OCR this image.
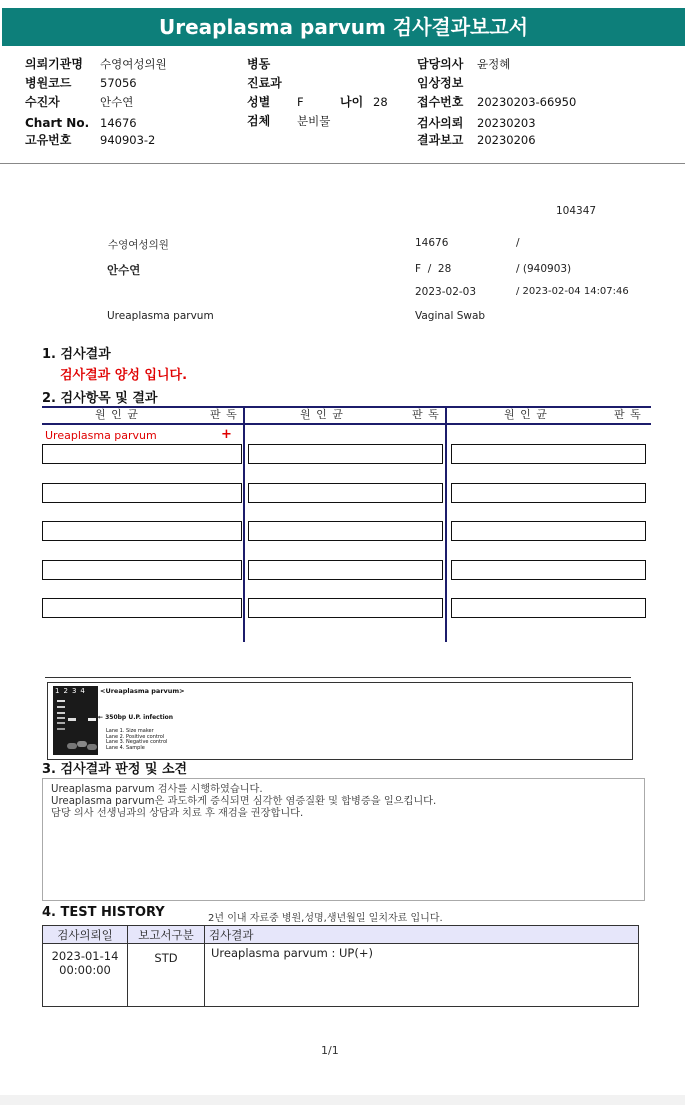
Ureaplasma parvum 검사결과보고서
의뢰기관명 수영여성의원
병원코드 57056
수진자	안수연
Chart No. 14676
고유번호 940903-2
병동
진료과
성별 F	나이 28
검체 분비물
담당의사 윤정혜
임상정보
접수번호 20230203-66950
검사의뢰 20230203
결과보고 20230206
104347
수영여성의원	14676	/
안수연	F  /  28	/ (940903)
2023-02-03	/ 2023-02-04 14:07:46
Ureaplasma parvum	Vaginal Swab
1. 검사결과
검사결과 양성 입니다.
2. 검사항목 및 결과
원 인 균	판 독	원 인 균	판 독	원 인 균	판 독
Ureaplasma parvum	+
1234 <Ureaplasma parvum>
← 350bp U.P. infection
Lane 1. Size maker
Lane 2. Positive control
Lane 3. Negative control
Lane 4. Sample
3. 검사결과 판정 및 소견
Ureaplasma parvum 검사를 시행하였습니다.
Ureaplasma parvum은 과도하게 증식되면 심각한 염증질환 및 합병증을 일으킵니다.
담당 의사 선생님과의 상담과 치료 후 재검을 권장합니다.
4. TEST HISTORY	2년 이내 자료중 병원,성명,생년월일 일치자료 입니다.
검사의뢰일	보고서구분	검사결과

2023-01-14
00:00:00	STD	Ureaplasma parvum : UP(+)
1/1
